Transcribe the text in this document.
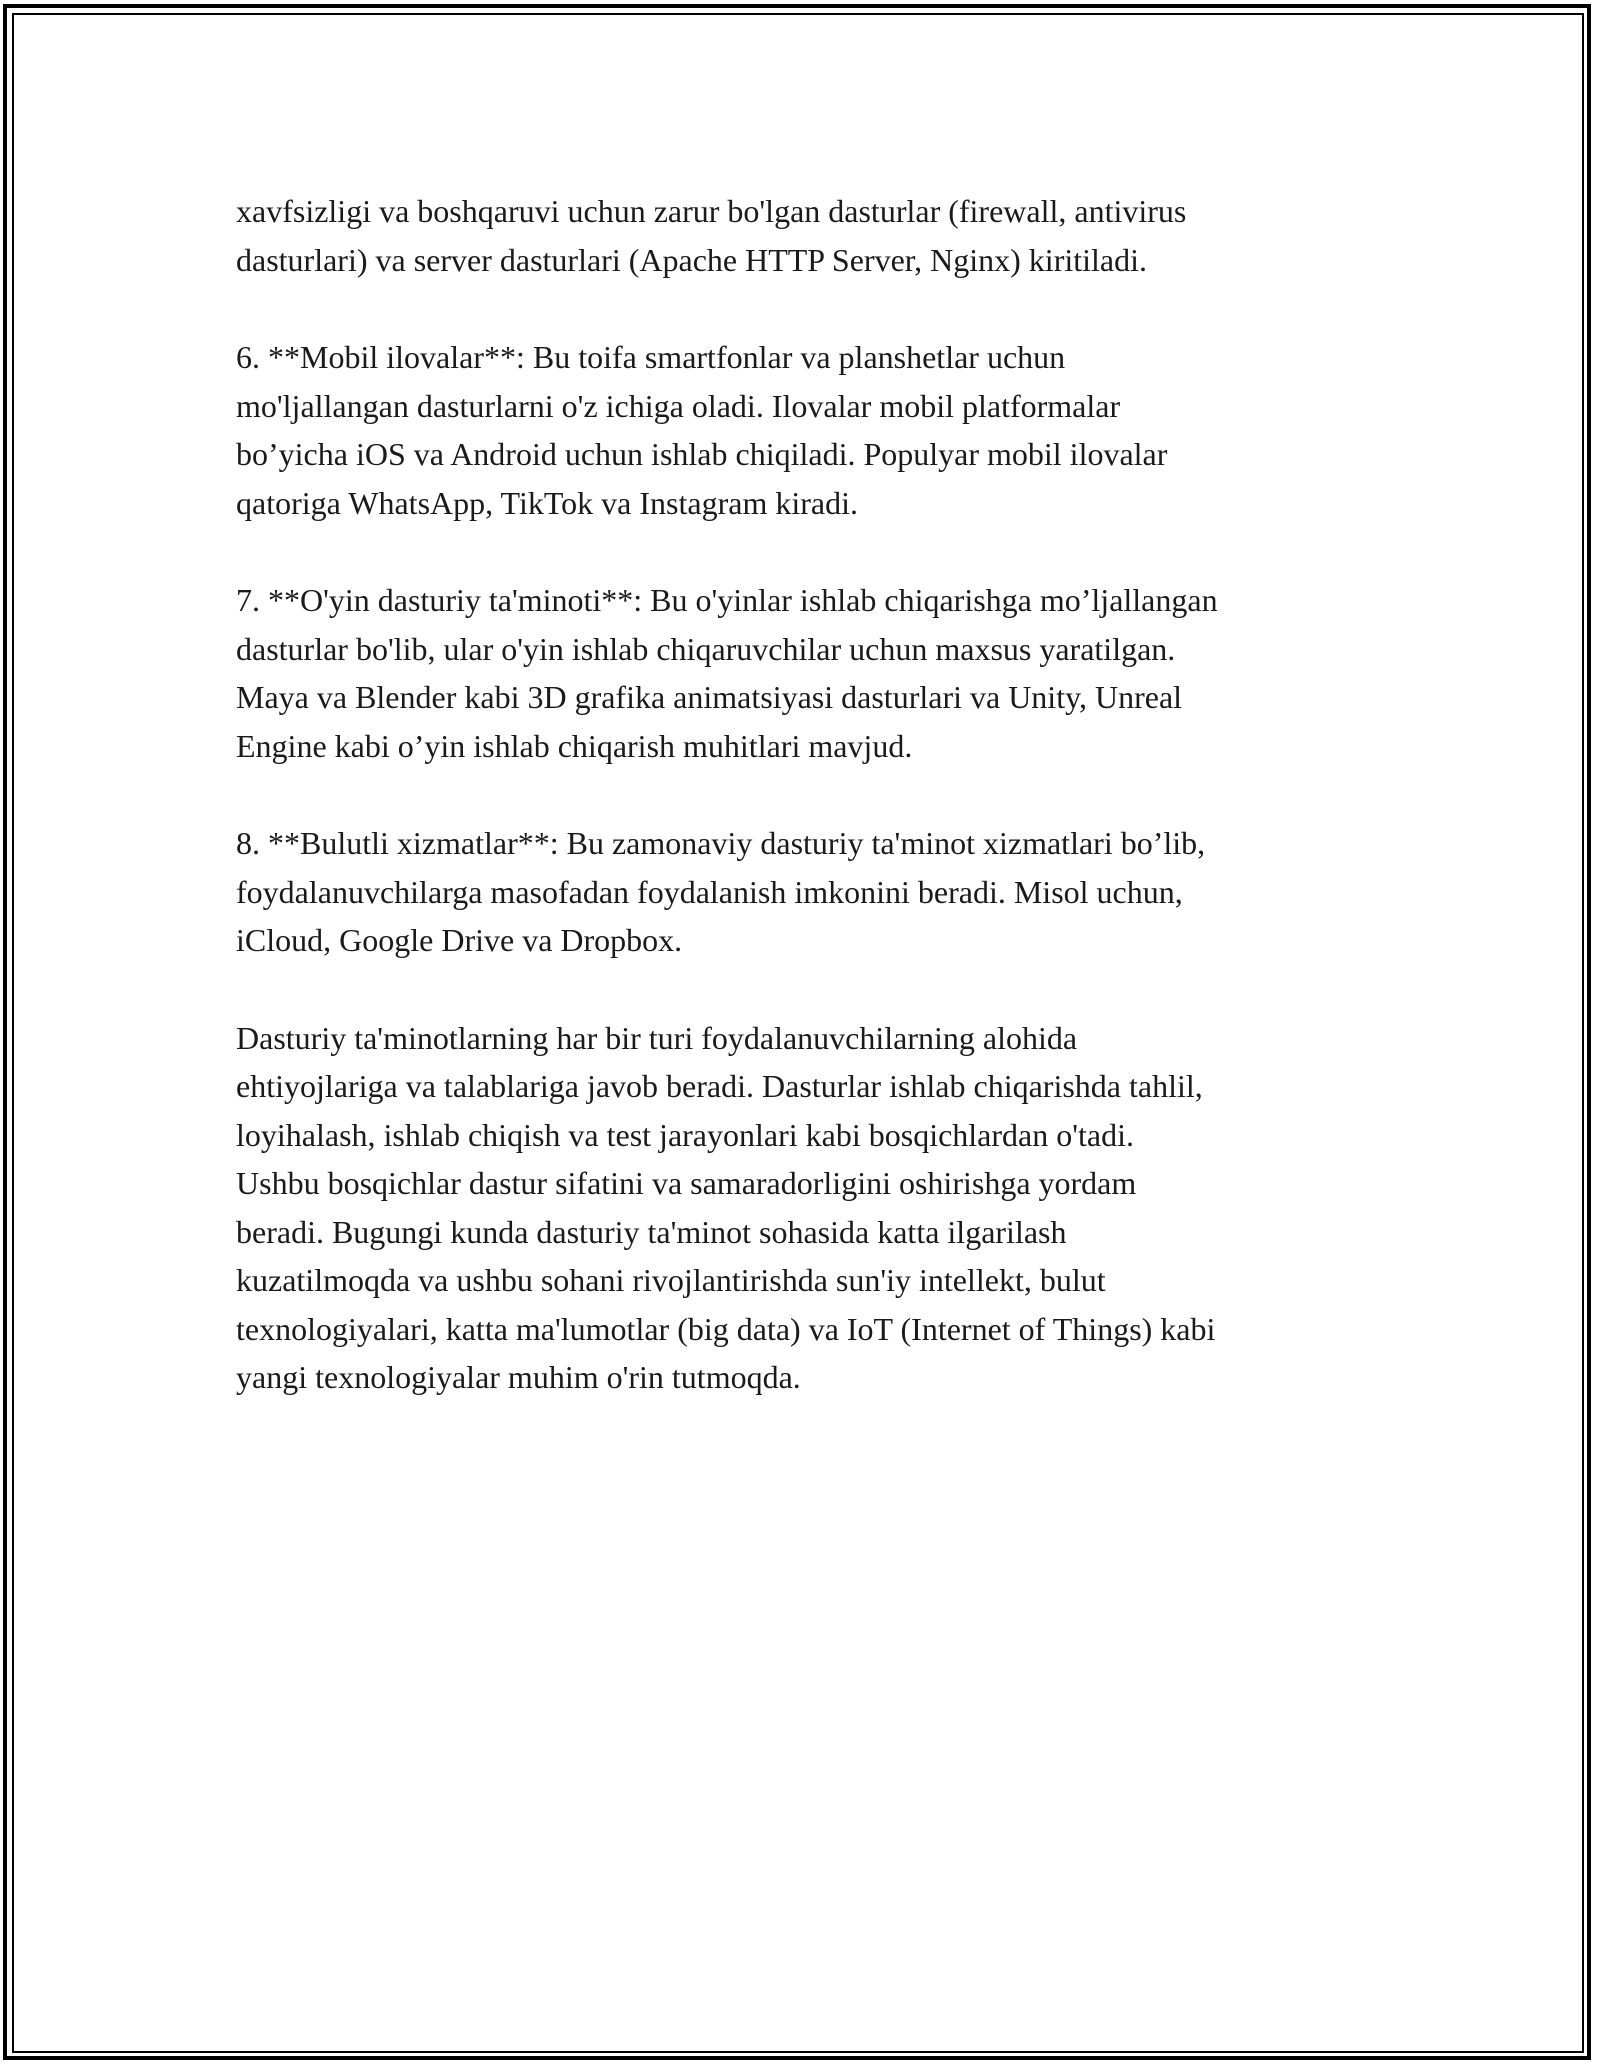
xavfsizligi va boshqaruvi uchun zarur bo'lgan dasturlar (firewall, antivirus
dasturlari) va server dasturlari (Apache HTTP Server, Nginx) kiritiladi.

6. **Mobil ilovalar**: Bu toifa smartfonlar va planshetlar uchun
mo'ljallangan dasturlarni o'z ichiga oladi. Ilovalar mobil platformalar
bo’yicha iOS va Android uchun ishlab chiqiladi. Populyar mobil ilovalar
qatoriga WhatsApp, TikTok va Instagram kiradi.

7. **O'yin dasturiy ta'minoti**: Bu o'yinlar ishlab chiqarishga mo’ljallangan
dasturlar bo'lib, ular o'yin ishlab chiqaruvchilar uchun maxsus yaratilgan.
Maya va Blender kabi 3D grafika animatsiyasi dasturlari va Unity, Unreal
Engine kabi o’yin ishlab chiqarish muhitlari mavjud.

8. **Bulutli xizmatlar**: Bu zamonaviy dasturiy ta'minot xizmatlari bo’lib,
foydalanuvchilarga masofadan foydalanish imkonini beradi. Misol uchun,
iCloud, Google Drive va Dropbox.

Dasturiy ta'minotlarning har bir turi foydalanuvchilarning alohida
ehtiyojlariga va talablariga javob beradi. Dasturlar ishlab chiqarishda tahlil,
loyihalash, ishlab chiqish va test jarayonlari kabi bosqichlardan o'tadi.
Ushbu bosqichlar dastur sifatini va samaradorligini oshirishga yordam
beradi. Bugungi kunda dasturiy ta'minot sohasida katta ilgarilash
kuzatilmoqda va ushbu sohani rivojlantirishda sun'iy intellekt, bulut
texnologiyalari, katta ma'lumotlar (big data) va IoT (Internet of Things) kabi
yangi texnologiyalar muhim o'rin tutmoqda.
